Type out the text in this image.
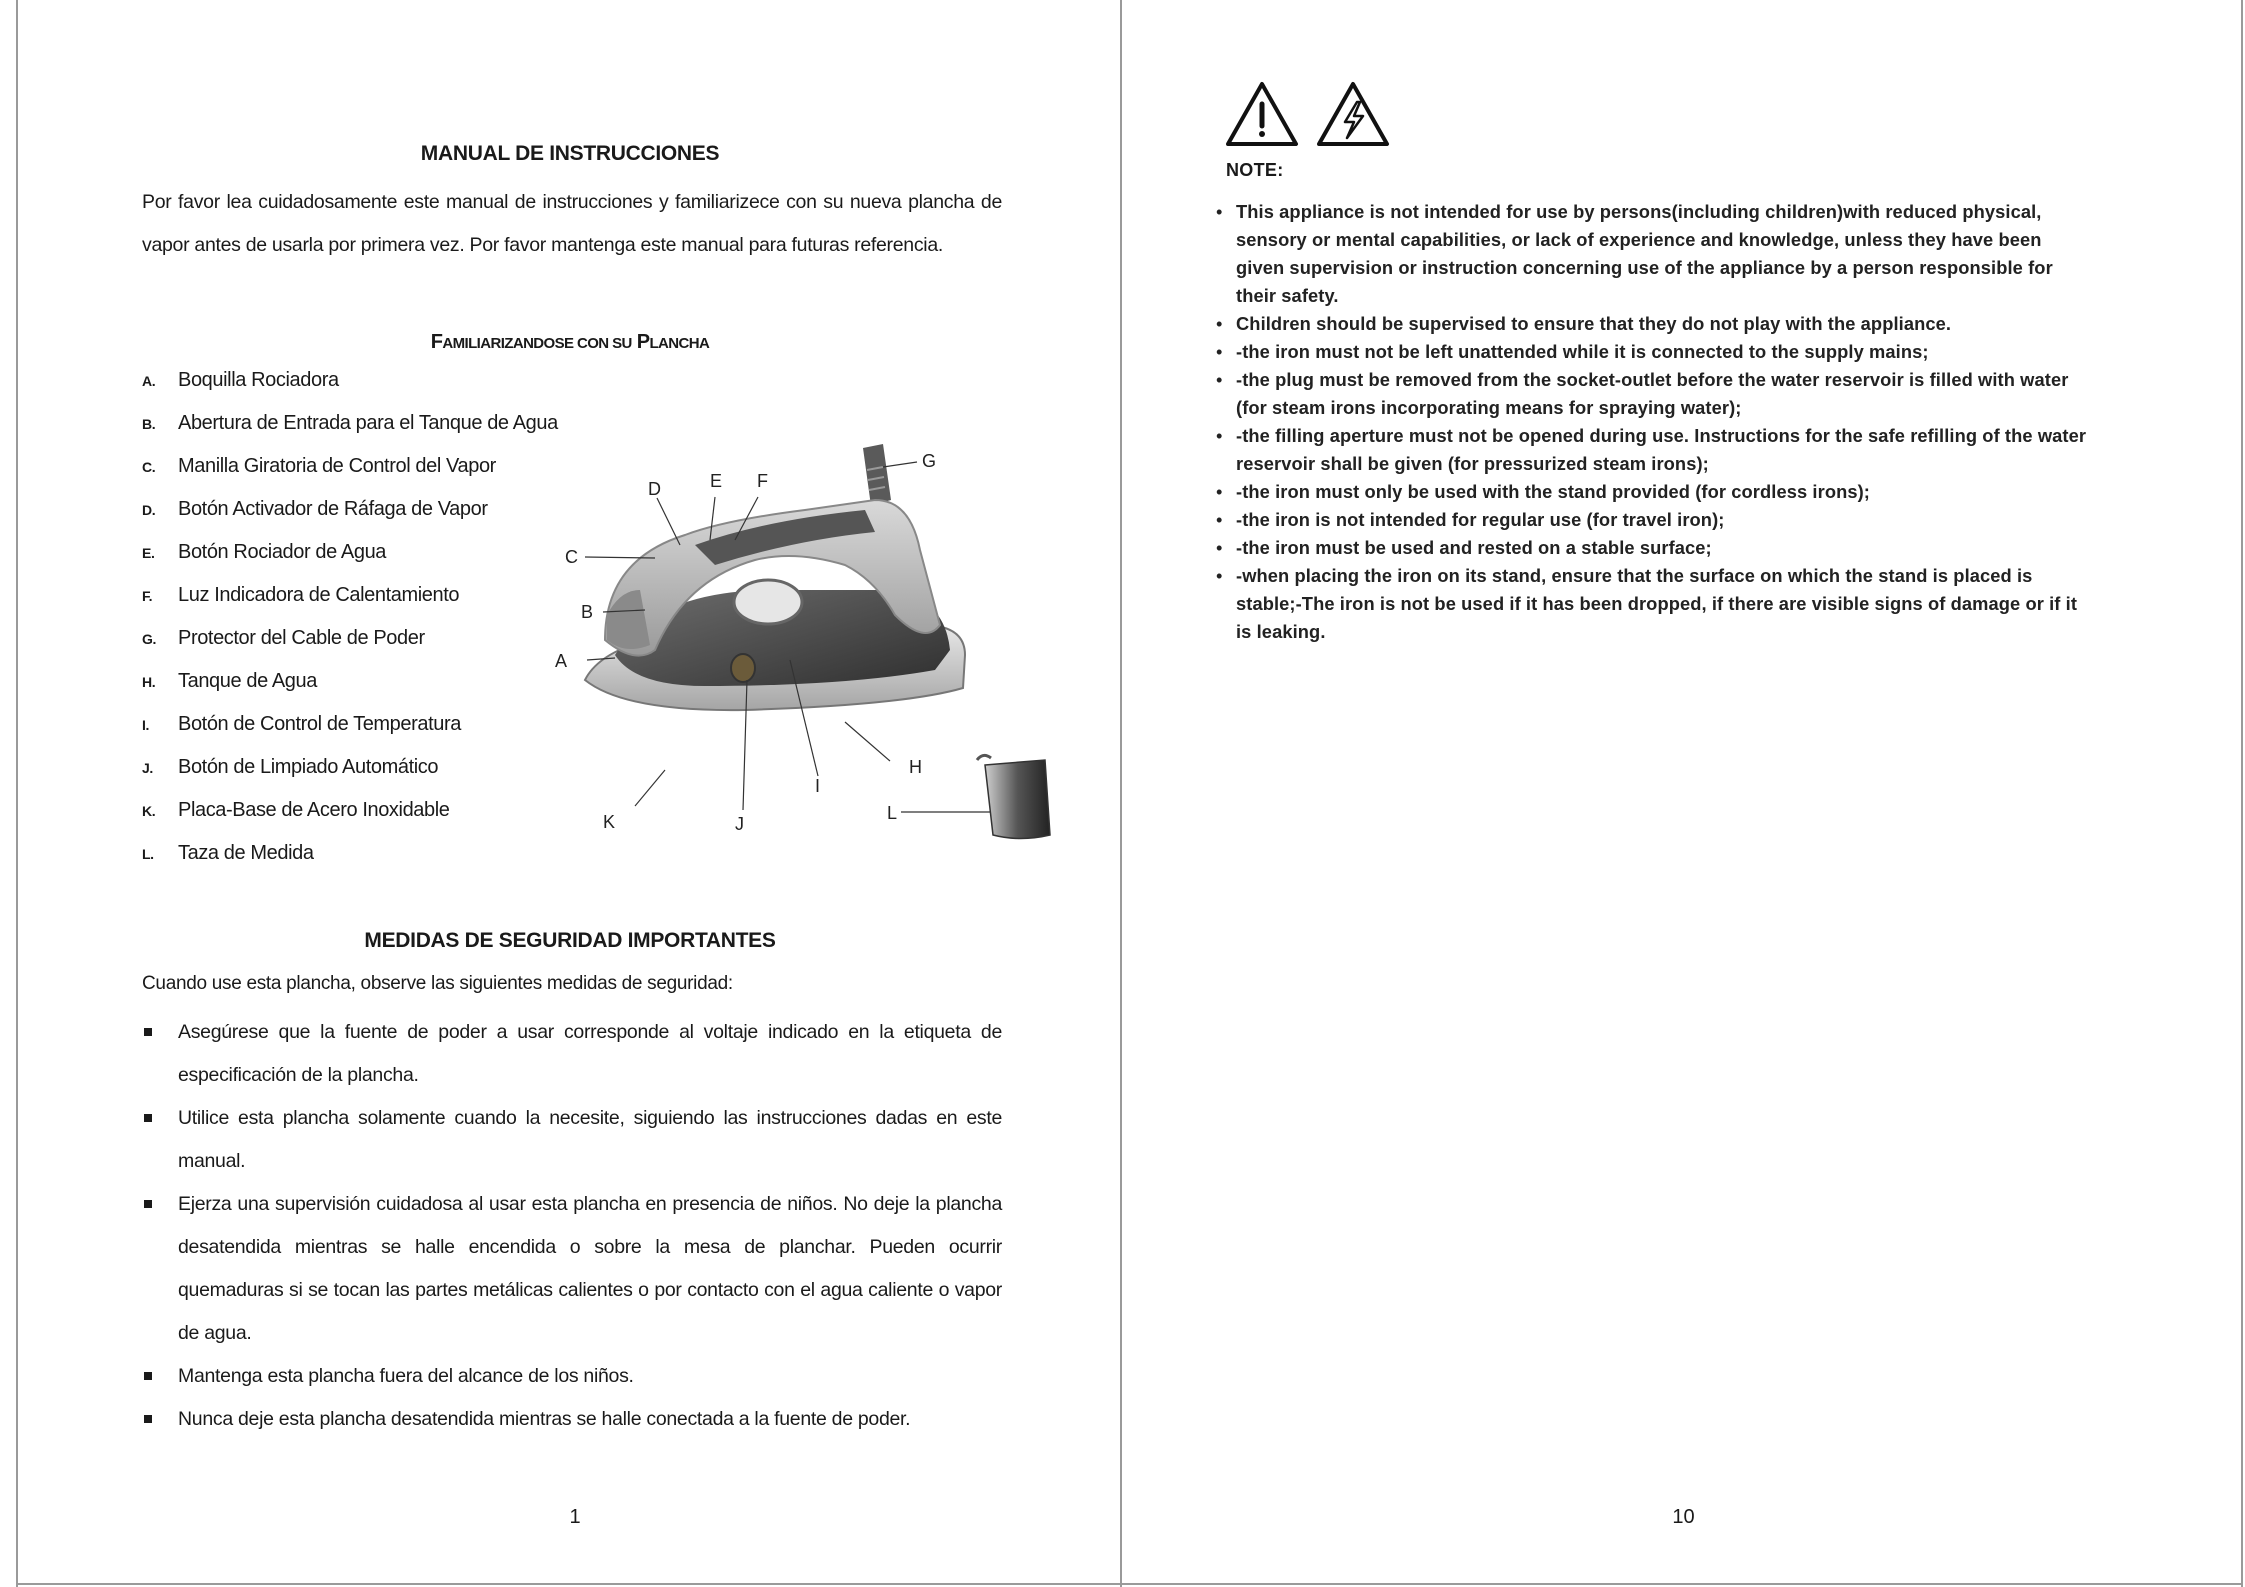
MANUAL DE INSTRUCCIONES
Por favor lea cuidadosamente este manual de instrucciones y familiarizece con su nueva plancha de vapor antes de usarla por primera vez. Por favor mantenga este manual para futuras referencia.
FAMILIARIZANDOSE CON SU PLANCHA
A.	Boquilla Rociadora
B.	Abertura de Entrada para el Tanque de Agua
C.	Manilla Giratoria de Control del Vapor
D.	Botón Activador de Ráfaga de Vapor
E.	Botón Rociador de Agua
F.	Luz Indicadora de Calentamiento
G.	Protector del Cable de Poder
H.	Tanque de Agua
I.	Botón de Control de Temperatura
J.	Botón de Limpiado Automático
K.	Placa-Base de Acero Inoxidable
L.	Taza de Medida
A
B
C
D	E F
G
H
I
J
K	L
MEDIDAS DE SEGURIDAD IMPORTANTES
Cuando use esta plancha, observe las siguientes medidas de seguridad:
Asegúrese que la fuente de poder a usar corresponde al voltaje indicado en la etiqueta de especificación de la plancha.
Utilice esta plancha solamente cuando la necesite, siguiendo las instrucciones dadas en este manual.
Ejerza una supervisión cuidadosa al usar esta plancha en presencia de niños. No deje la plancha desatendida mientras se halle encendida o sobre la mesa de planchar. Pueden ocurrir quemaduras si se tocan las partes metálicas calientes o por contacto con el agua caliente o vapor de agua.
Mantenga esta plancha fuera del alcance de los niños.
Nunca deje esta plancha desatendida mientras se halle conectada a la fuente de poder.
1
NOTE:
• This appliance is not intended for use by persons(including children)with reduced physical, sensory or mental capabilities, or lack of experience and knowledge, unless they have been given supervision or instruction concerning use of the appliance by a person responsible for their safety.
• Children should be supervised to ensure that they do not play with the appliance.
• -the iron must not be left unattended while it is connected to the supply mains;
• -the plug must be removed from the socket-outlet before the water reservoir is filled with water (for steam irons incorporating means for spraying water);
• -the filling aperture must not be opened during use. Instructions for the safe refilling of the water reservoir shall be given (for pressurized steam irons);
• -the iron must only be used with the stand provided (for cordless irons);
• -the iron is not intended for regular use (for travel iron);
• -the iron must be used and rested on a stable surface;
• -when placing the iron on its stand, ensure that the surface on which the stand is placed is stable;-The iron is not be used if it has been dropped, if there are visible signs of damage or if it is leaking.
10
